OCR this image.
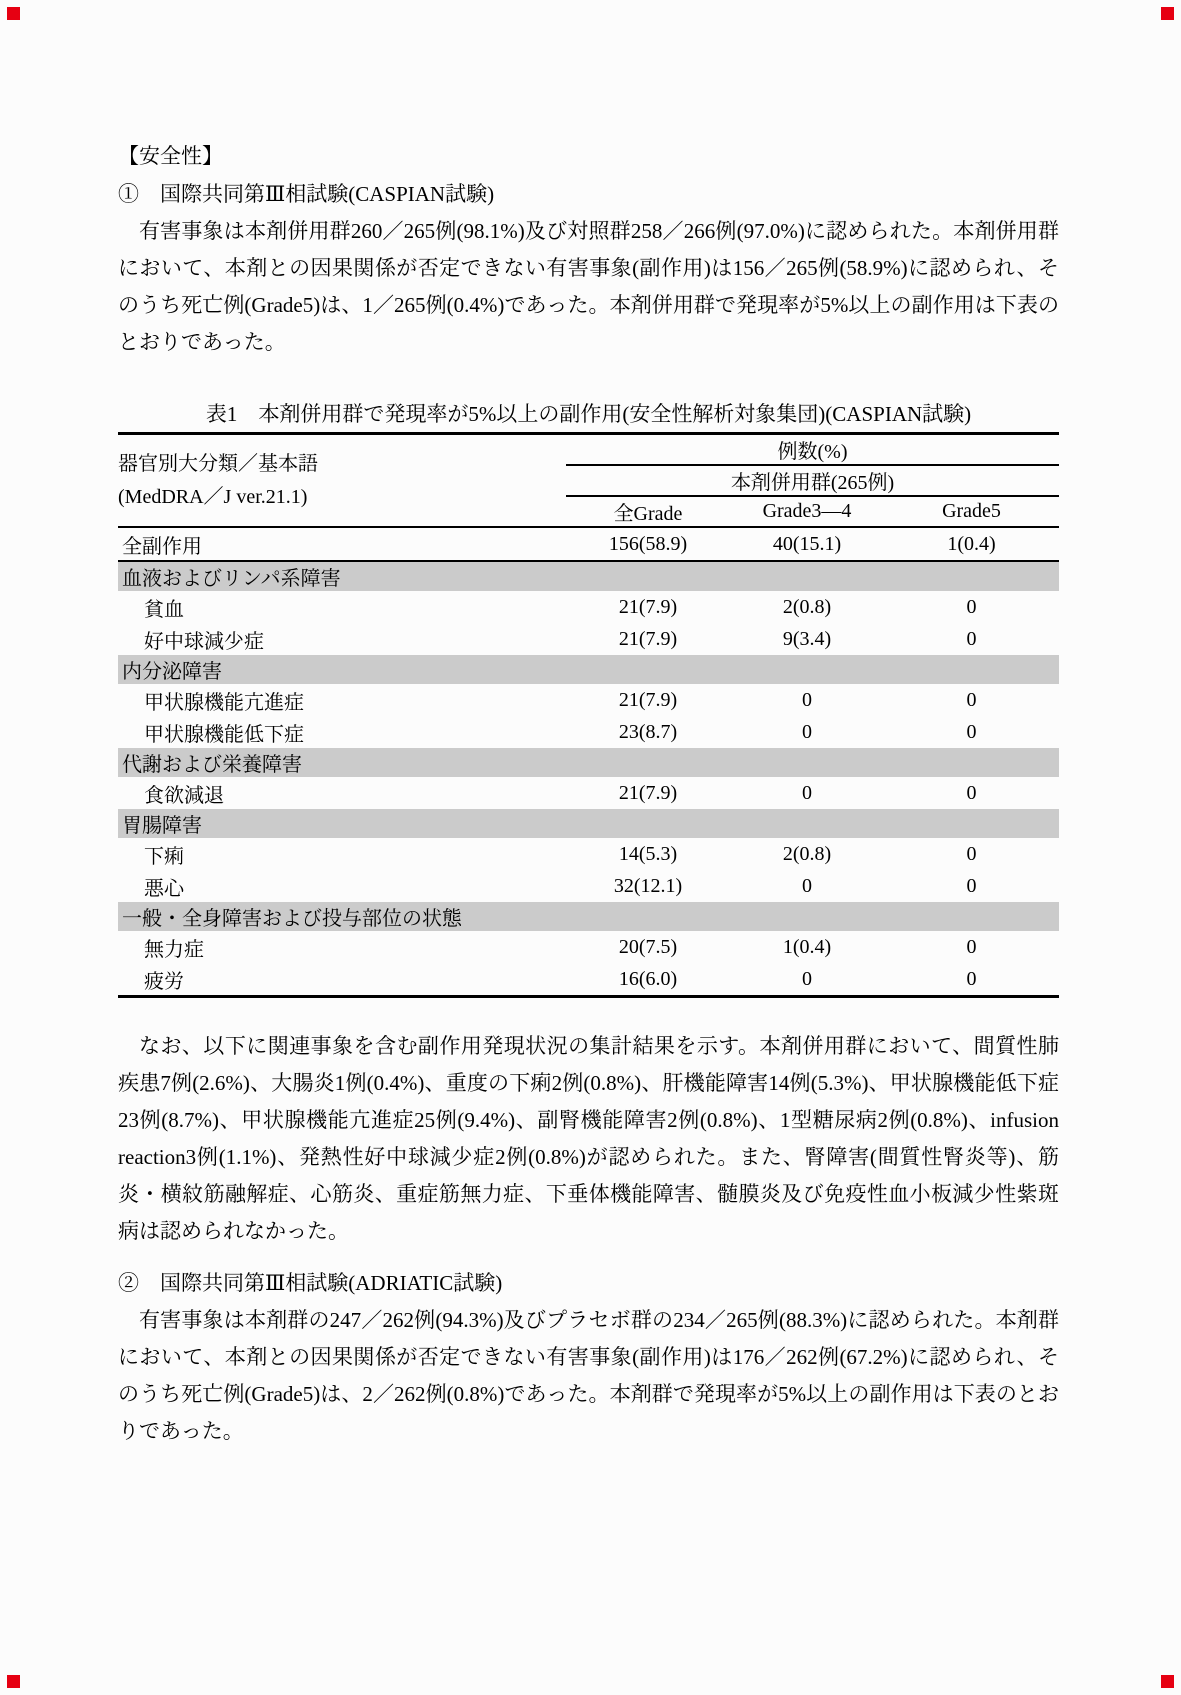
【安全性】
①　国際共同第Ⅲ相試験(CASPIAN試験)

有害事象は本剤併用群260／265例(98.1%)及び対照群258／266例(97.0%)に認められた。本剤併用群において、本剤との因果関係が否定できない有害事象(副作用)は156／265例(58.9%)に認められ、そのうち死亡例(Grade5)は、1／265例(0.4%)であった。本剤併用群で発現率が5%以上の副作用は下表のとおりであった。

表1　本剤併用群で発現率が5%以上の副作用(安全性解析対象集団)(CASPIAN試験)
器官別大分類／基本語
(MedDRA／J ver.21.1)	例数(%)		
	本剤併用群(265例)		
	全Grade	Grade3—4	Grade5
全副作用	156(58.9)	40(15.1)	1(0.4)
血液およびリンパ系障害			
貧血	21(7.9)	2(0.8)	0
好中球減少症	21(7.9)	9(3.4)	0
内分泌障害			
甲状腺機能亢進症	21(7.9)	0	0
甲状腺機能低下症	23(8.7)	0	0
代謝および栄養障害			
食欲減退	21(7.9)	0	0
胃腸障害			
下痢	14(5.3)	2(0.8)	0
悪心	32(12.1)	0	0
一般・全身障害および投与部位の状態			
無力症	20(7.5)	1(0.4)	0
疲労	16(6.0)	0	0

なお、以下に関連事象を含む副作用発現状況の集計結果を示す。本剤併用群において、間質性肺疾患7例(2.6%)、大腸炎1例(0.4%)、重度の下痢2例(0.8%)、肝機能障害14例(5.3%)、甲状腺機能低下症23例(8.7%)、甲状腺機能亢進症25例(9.4%)、副腎機能障害2例(0.8%)、1型糖尿病2例(0.8%)、infusion reaction3例(1.1%)、発熱性好中球減少症2例(0.8%)が認められた。また、腎障害(間質性腎炎等)、筋炎・横紋筋融解症、心筋炎、重症筋無力症、下垂体機能障害、髄膜炎及び免疫性血小板減少性紫斑病は認められなかった。

②　国際共同第Ⅲ相試験(ADRIATIC試験)

有害事象は本剤群の247／262例(94.3%)及びプラセボ群の234／265例(88.3%)に認められた。本剤群において、本剤との因果関係が否定できない有害事象(副作用)は176／262例(67.2%)に認められ、そのうち死亡例(Grade5)は、2／262例(0.8%)であった。本剤群で発現率が5%以上の副作用は下表のとおりであった。
